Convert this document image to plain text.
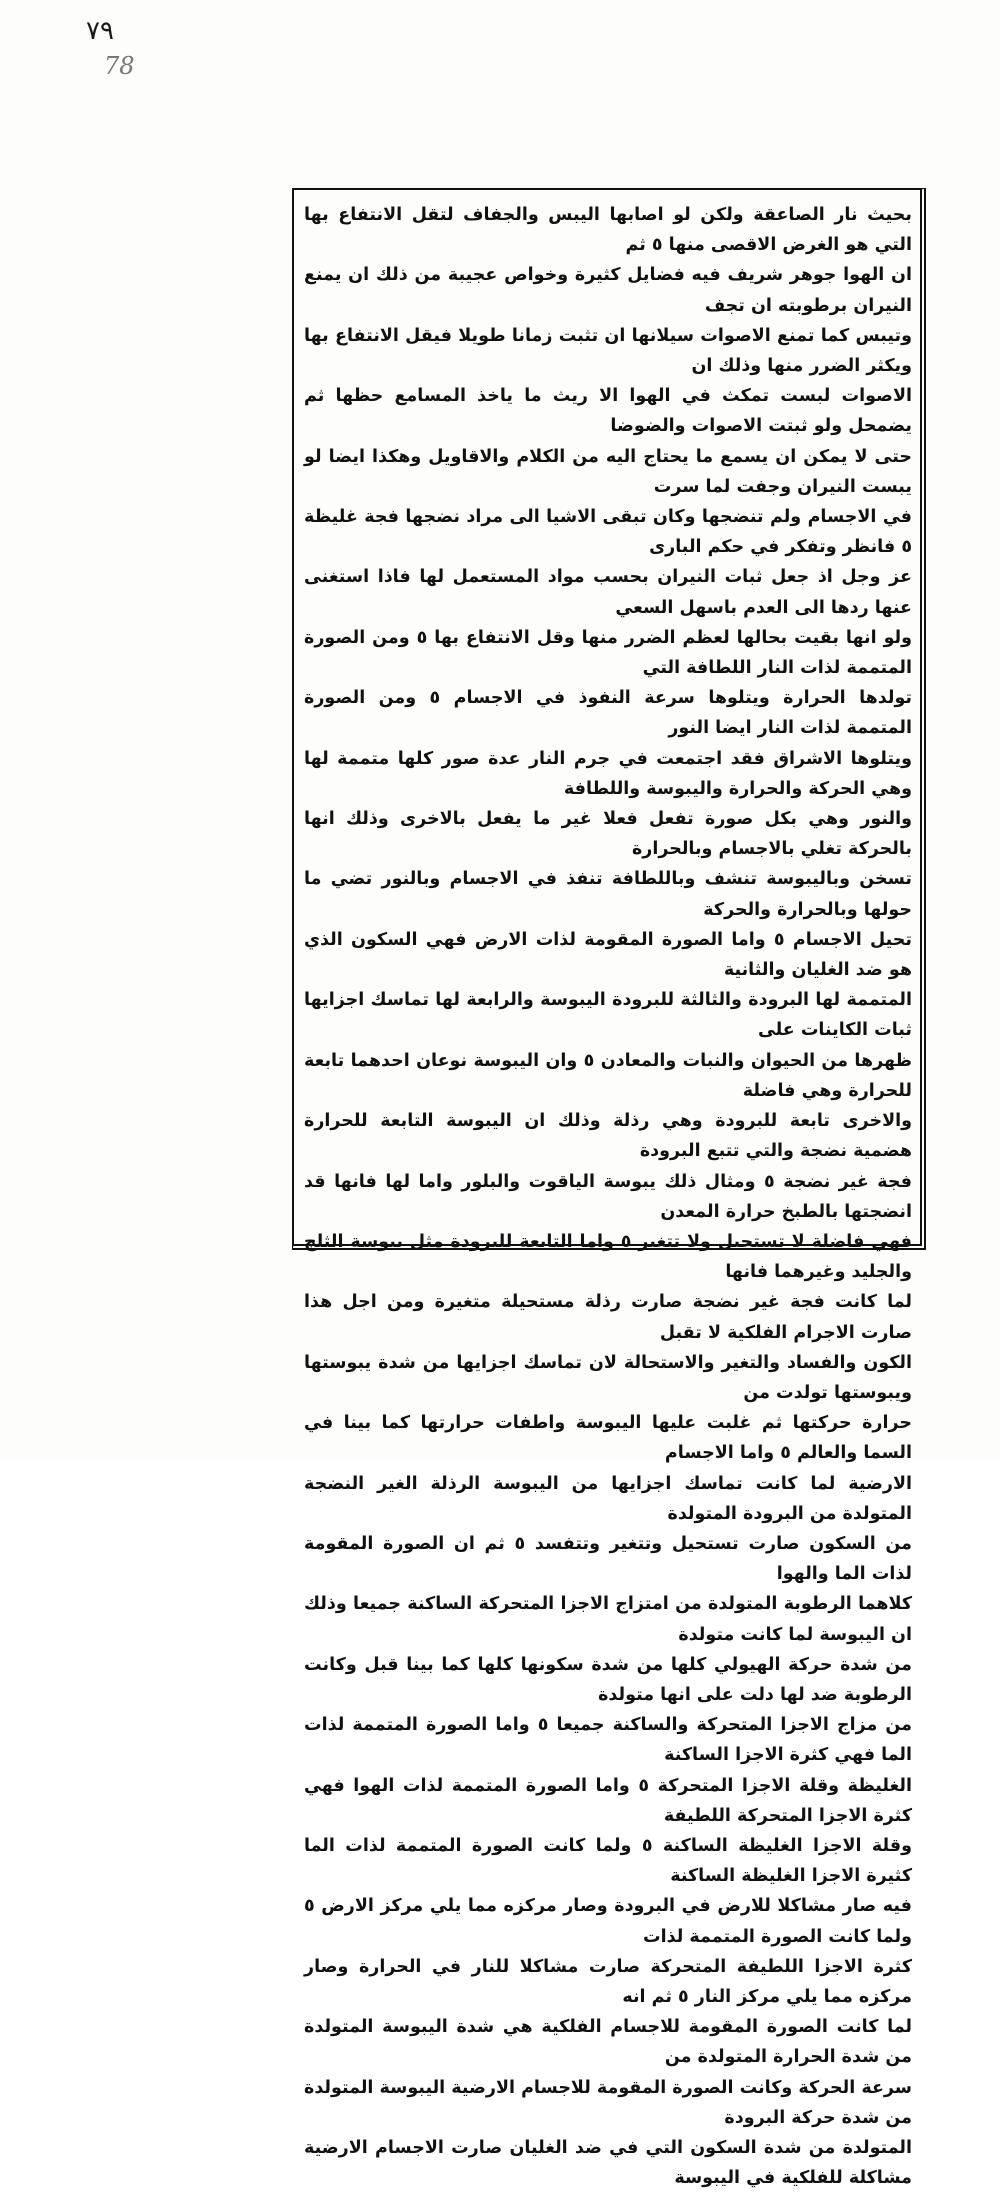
٧٩
78

بحيث نار الصاعقة ولكن لو اصابها اليبس والجفاف لتقل الانتفاع بها التي هو الغرض الاقصى منها ٥ ثم

ان الهوا جوهر شريف فيه فضايل كثيرة وخواص عجيبة من ذلك ان يمنع النيران برطوبته ان تجف

وتيبس كما تمنع الاصوات سيلانها ان تثبت زمانا طويلا فيقل الانتفاع بها ويكثر الضرر منها وذلك ان

الاصوات لبست تمكث في الهوا الا ريث ما ياخذ المسامع حظها ثم يضمحل ولو ثبتت الاصوات والضوضا

حتى لا يمكن ان يسمع ما يحتاج اليه من الكلام والاقاويل وهكذا ايضا لو يبست النيران وجفت لما سرت

في الاجسام ولم تنضجها وكان تبقى الاشيا الى مراد نضجها فجة غليظة ٥ فانظر وتفكر في حكم البارى

عز وجل اذ جعل ثبات النيران بحسب مواد المستعمل لها فاذا استغنى عنها ردها الى العدم باسهل السعي

ولو انها بقيت بحالها لعظم الضرر منها وقل الانتفاع بها ٥ ومن الصورة المتممة لذات النار اللطافة التي

تولدها الحرارة ويتلوها سرعة النفوذ في الاجسام ٥ ومن الصورة المتممة لذات النار ايضا النور

ويتلوها الاشراق فقد اجتمعت في جرم النار عدة صور كلها متممة لها وهي الحركة والحرارة واليبوسة واللطافة

والنور وهي بكل صورة تفعل فعلا غير ما يفعل بالاخرى وذلك انها بالحركة تغلي بالاجسام وبالحرارة

تسخن وباليبوسة تنشف وباللطافة تنفذ في الاجسام وبالنور تضي ما حولها وبالحرارة والحركة

تحيل الاجسام ٥ واما الصورة المقومة لذات الارض فهي السكون الذي هو ضد الغليان والثانية

المتممة لها البرودة والثالثة للبرودة اليبوسة والرابعة لها تماسك اجزايها ثبات الكاينات على

ظهرها من الحيوان والنبات والمعادن ٥ وان اليبوسة نوعان احدهما تابعة للحرارة وهي فاضلة

والاخرى تابعة للبرودة وهي رذلة وذلك ان اليبوسة التابعة للحرارة هضمية نضجة والتي تتبع البرودة

فجة غير نضجة ٥ ومثال ذلك يبوسة الياقوت والبلور واما لها فانها قد انضجتها بالطبخ حرارة المعدن

فهي فاضلة لا تستحيل ولا تتغير ٥ واما التابعة للبرودة مثل يبوسة الثلج والجليد وغيرهما فانها

لما كانت فجة غير نضجة صارت رذلة مستحيلة متغيرة ومن اجل هذا صارت الاجرام الفلكية لا تقبل

الكون والفساد والتغير والاستحالة لان تماسك اجزايها من شدة يبوستها ويبوستها تولدت من

حرارة حركتها ثم غلبت عليها اليبوسة واطفات حرارتها كما بينا في السما والعالم ٥ واما الاجسام

الارضية لما كانت تماسك اجزايها من اليبوسة الرذلة الغير النضجة المتولدة من البرودة المتولدة

من السكون صارت تستحيل وتتغير وتتفسد ٥ ثم ان الصورة المقومة لذات الما والهوا

كلاهما الرطوبة المتولدة من امتزاج الاجزا المتحركة الساكنة جميعا وذلك ان اليبوسة لما كانت متولدة

من شدة حركة الهيولي كلها من شدة سكونها كلها كما بينا قبل وكانت الرطوبة ضد لها دلت على انها متولدة

من مزاج الاجزا المتحركة والساكنة جميعا ٥ واما الصورة المتممة لذات الما فهي كثرة الاجزا الساكنة

الغليظة وقلة الاجزا المتحركة ٥ واما الصورة المتممة لذات الهوا فهي كثرة الاجزا المتحركة اللطيفة

وقلة الاجزا الغليظة الساكنة ٥ ولما كانت الصورة المتممة لذات الما كثيرة الاجزا الغليظة الساكنة

فيه صار مشاكلا للارض في البرودة وصار مركزه مما يلي مركز الارض ٥ ولما كانت الصورة المتممة لذات

كثرة الاجزا اللطيفة المتحركة صارت مشاكلا للنار في الحرارة وصار مركزه مما يلي مركز النار ٥ ثم انه

لما كانت الصورة المقومة للاجسام الفلكية هي شدة اليبوسة المتولدة من شدة الحرارة المتولدة من

سرعة الحركة وكانت الصورة المقومة للاجسام الارضية اليبوسة المتولدة من شدة حركة البرودة

المتولدة من شدة السكون التي في ضد الغليان صارت الاجسام الارضية مشاكلة للفلكية في اليبوسة
